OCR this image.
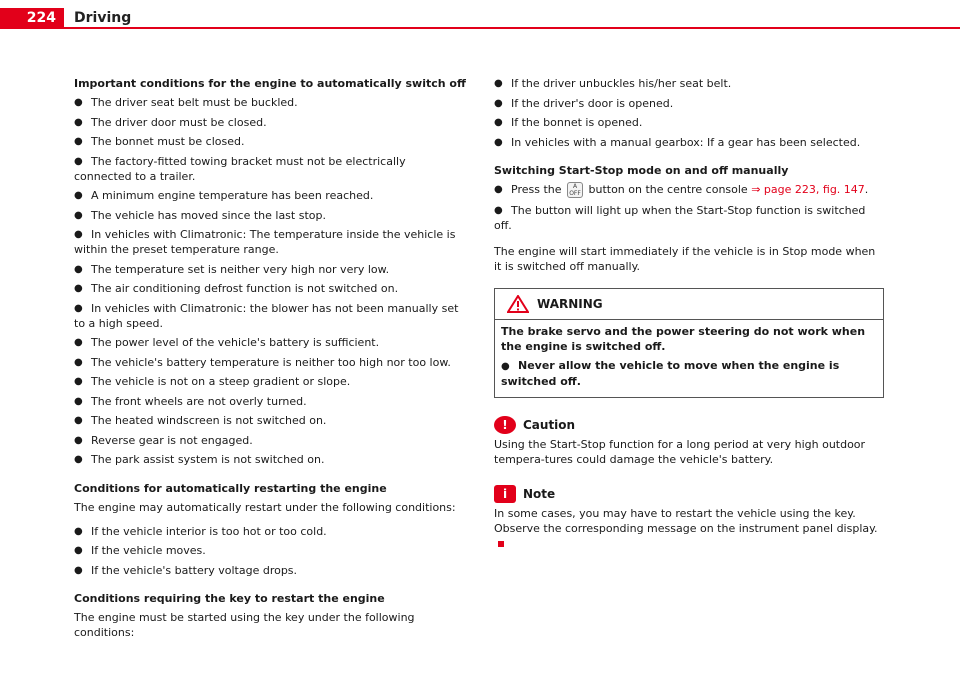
224	Driving

Important conditions for the engine to automatically switch off

● The driver seat belt must be buckled.
● The driver door must be closed.
● The bonnet must be closed.
● The factory-fitted towing bracket must not be electrically connected to a trailer.
● A minimum engine temperature has been reached.
● The vehicle has moved since the last stop.
● In vehicles with Climatronic: The temperature inside the vehicle is within the preset temperature range.
● The temperature set is neither very high nor very low.
● The air conditioning defrost function is not switched on.
● In vehicles with Climatronic: the blower has not been manually set to a high speed.
● The power level of the vehicle's battery is sufficient.
● The vehicle's battery temperature is neither too high nor too low.
● The vehicle is not on a steep gradient or slope.
● The front wheels are not overly turned.
● The heated windscreen is not switched on.
● Reverse gear is not engaged.
● The park assist system is not switched on.

Conditions for automatically restarting the engine

The engine may automatically restart under the following conditions:

● If the vehicle interior is too hot or too cold.
● If the vehicle moves.
● If the vehicle's battery voltage drops.

Conditions requiring the key to restart the engine

The engine must be started using the key under the following conditions:

● If the driver unbuckles his/her seat belt.
● If the driver's door is opened.
● If the bonnet is opened.
● In vehicles with a manual gearbox: If a gear has been selected.

Switching Start-Stop mode on and off manually

● Press the A
OFF button on the centre console ⇒ page 223, fig. 147.
● The button will light up when the Start-Stop function is switched off.

The engine will start immediately if the vehicle is in Stop mode when it is switched off manually.

WARNING

The brake servo and the power steering do not work when the engine is switched off.

● Never allow the vehicle to move when the engine is switched off.

!	Caution

Using the Start-Stop function for a long period at very high outdoor tempera-tures could damage the vehicle's battery.

i	Note

In some cases, you may have to restart the vehicle using the key. Observe the corresponding message on the instrument panel display.
